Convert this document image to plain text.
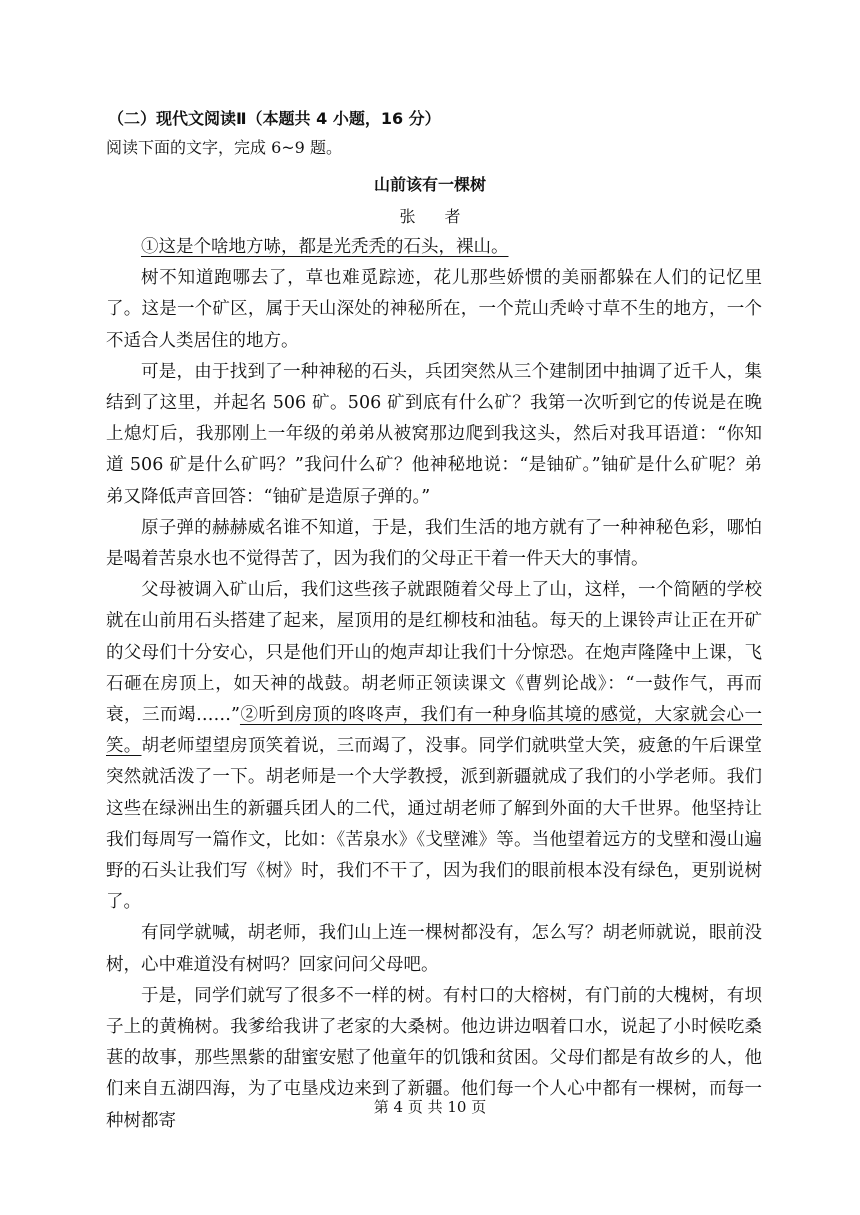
（二）现代文阅读Ⅱ（本题共 4 小题，16 分）
阅读下面的文字，完成 6~9 题。
山前该有一棵树
张 者

①这是个啥地方哧，都是光秃秃的石头，裸山。

树不知道跑哪去了，草也难觅踪迹，花儿那些娇惯的美丽都躲在人们的记忆里了。这是一个矿区，属于天山深处的神秘所在，一个荒山秃岭寸草不生的地方，一个不适合人类居住的地方。

可是，由于找到了一种神秘的石头，兵团突然从三个建制团中抽调了近千人，集结到了这里，并起名 506 矿。506 矿到底有什么矿？我第一次听到它的传说是在晚上熄灯后，我那刚上一年级的弟弟从被窝那边爬到我这头，然后对我耳语道：“你知道 506 矿是什么矿吗？”我问什么矿？他神秘地说：“是铀矿。”铀矿是什么矿呢？弟弟又降低声音回答：“铀矿是造原子弹的。”

原子弹的赫赫威名谁不知道，于是，我们生活的地方就有了一种神秘色彩，哪怕是喝着苦泉水也不觉得苦了，因为我们的父母正干着一件天大的事情。

父母被调入矿山后，我们这些孩子就跟随着父母上了山，这样，一个简陋的学校就在山前用石头搭建了起来，屋顶用的是红柳枝和油毡。每天的上课铃声让正在开矿的父母们十分安心，只是他们开山的炮声却让我们十分惊恐。在炮声隆隆中上课，飞石砸在房顶上，如天神的战鼓。胡老师正领读课文《曹刿论战》：“一鼓作气，再而衰，三而竭……”②听到房顶的咚咚声，我们有一种身临其境的感觉，大家就会心一笑。胡老师望望房顶笑着说，三而竭了，没事。同学们就哄堂大笑，疲惫的午后课堂突然就活泼了一下。胡老师是一个大学教授，派到新疆就成了我们的小学老师。我们这些在绿洲出生的新疆兵团人的二代，通过胡老师了解到外面的大千世界。他坚持让我们每周写一篇作文，比如：《苦泉水》《戈壁滩》等。当他望着远方的戈壁和漫山遍野的石头让我们写《树》时，我们不干了，因为我们的眼前根本没有绿色，更别说树了。

有同学就喊，胡老师，我们山上连一棵树都没有，怎么写？胡老师就说，眼前没树，心中难道没有树吗？回家问问父母吧。

于是，同学们就写了很多不一样的树。有村口的大榕树，有门前的大槐树，有坝子上的黄桷树。我爹给我讲了老家的大桑树。他边讲边咽着口水，说起了小时候吃桑葚的故事，那些黑紫的甜蜜安慰了他童年的饥饿和贫困。父母们都是有故乡的人，他们来自五湖四海，为了屯垦戍边来到了新疆。他们每一个人心中都有一棵树，而每一种树都寄

第 4 页 共 10 页
